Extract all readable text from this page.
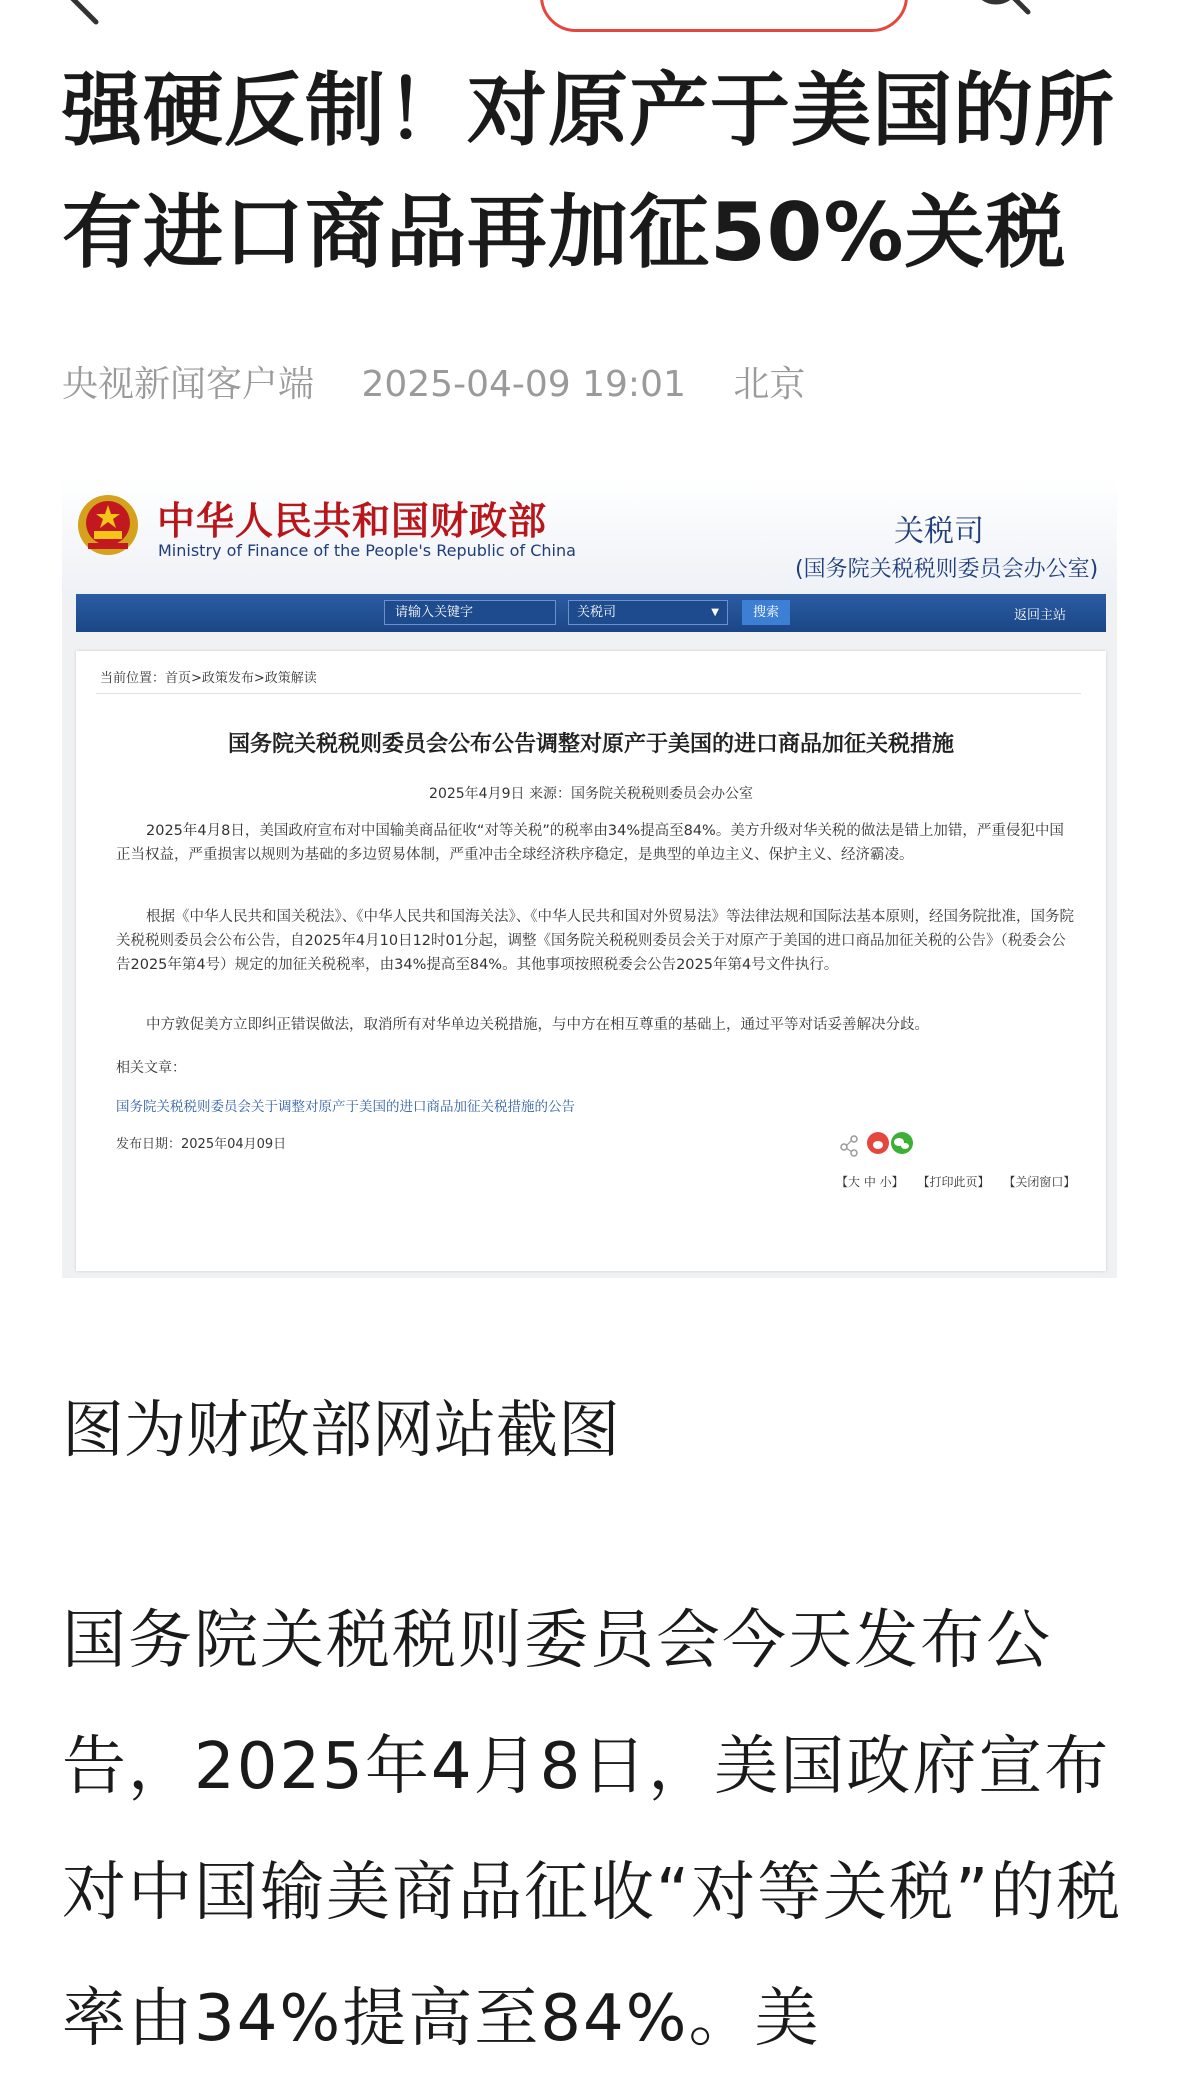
强硬反制！对原产于美国的所有进口商品再加征50%关税
央视新闻客户端 2025-04-09 19:01 北京
中华人民共和国财政部
Ministry of Finance of the People's Republic of China
关税司
(国务院关税税则委员会办公室)
请输入关键字	关税司	▼	搜索	返回主站
当前位置：首页>政策发布>政策解读
国务院关税税则委员会公布公告调整对原产于美国的进口商品加征关税措施
2025年4月9日 来源：国务院关税税则委员会办公室

2025年4月8日，美国政府宣布对中国输美商品征收“对等关税”的税率由34%提高至84%。美方升级对华关税的做法是错上加错，严重侵犯中国正当权益，严重损害以规则为基础的多边贸易体制，严重冲击全球经济秩序稳定，是典型的单边主义、保护主义、经济霸凌。

根据《中华人民共和国关税法》、《中华人民共和国海关法》、《中华人民共和国对外贸易法》等法律法规和国际法基本原则，经国务院批准，国务院关税税则委员会公布公告，自2025年4月10日12时01分起，调整《国务院关税税则委员会关于对原产于美国的进口商品加征关税的公告》（税委会公告2025年第4号）规定的加征关税税率，由34%提高至84%。其他事项按照税委会公告2025年第4号文件执行。

中方敦促美方立即纠正错误做法，取消所有对华单边关税措施，与中方在相互尊重的基础上，通过平等对话妥善解决分歧。

相关文章：
国务院关税税则委员会关于调整对原产于美国的进口商品加征关税措施的公告
发布日期：2025年04月09日
【大 中 小】 【打印此页】 【关闭窗口】
图为财政部网站截图

国务院关税税则委员会今天发布公告，2025年4月8日，美国政府宣布对中国输美商品征收“对等关税”的税率由34%提高至84%。美
